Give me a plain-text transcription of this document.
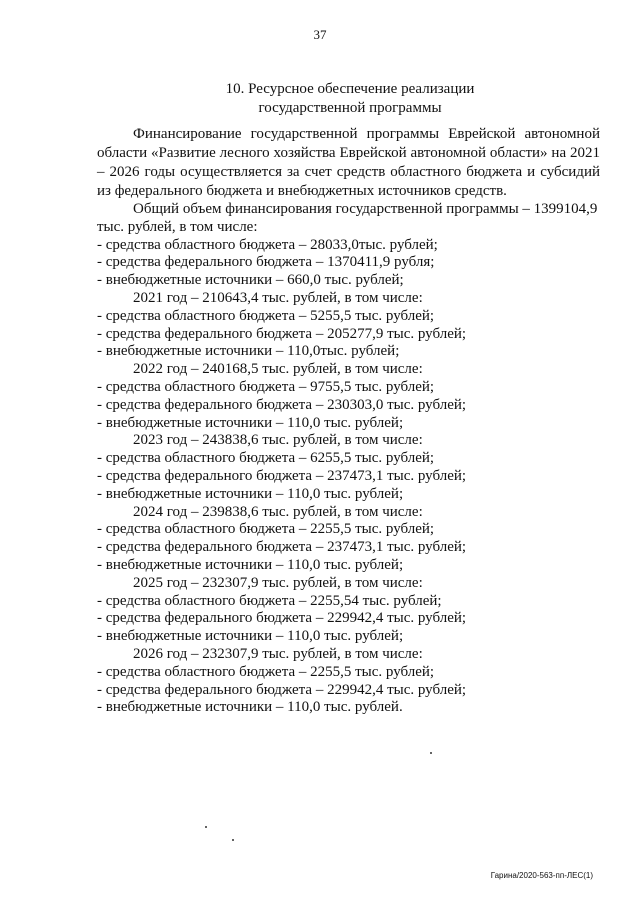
37
10. Ресурсное обеспечение реализации
государственной программы
Финансирование государственной программы Еврейской автономной
области «Развитие лесного хозяйства Еврейской автономной области» на 2021
– 2026 годы осуществляется за счет средств областного бюджета и субсидий
из федерального бюджета и внебюджетных источников средств.
Общий объем финансирования государственной программы – 1399104,9
тыс. рублей, в том числе:
- средства областного бюджета – 28033,0тыс. рублей;
- средства федерального бюджета – 1370411,9 рубля;
- внебюджетные источники – 660,0 тыс. рублей;
2021 год – 210643,4 тыс. рублей, в том числе:
- средства областного бюджета – 5255,5 тыс. рублей;
- средства федерального бюджета – 205277,9 тыс. рублей;
- внебюджетные источники – 110,0тыс. рублей;
2022 год – 240168,5 тыс. рублей, в том числе:
- средства областного бюджета – 9755,5 тыс. рублей;
- средства федерального бюджета – 230303,0 тыс. рублей;
- внебюджетные источники – 110,0 тыс. рублей;
2023 год – 243838,6 тыс. рублей, в том числе:
- средства областного бюджета – 6255,5 тыс. рублей;
- средства федерального бюджета – 237473,1 тыс. рублей;
- внебюджетные источники – 110,0 тыс. рублей;
2024 год – 239838,6 тыс. рублей, в том числе:
- средства областного бюджета – 2255,5 тыс. рублей;
- средства федерального бюджета – 237473,1 тыс. рублей;
- внебюджетные источники – 110,0 тыс. рублей;
2025 год – 232307,9 тыс. рублей, в том числе:
- средства областного бюджета – 2255,54 тыс. рублей;
- средства федерального бюджета – 229942,4 тыс. рублей;
- внебюджетные источники – 110,0 тыс. рублей;
2026 год – 232307,9 тыс. рублей, в том числе:
- средства областного бюджета – 2255,5 тыс. рублей;
- средства федерального бюджета – 229942,4 тыс. рублей;
- внебюджетные источники – 110,0 тыс. рублей.
Гарина/2020-563-пп-ЛЕС(1)
